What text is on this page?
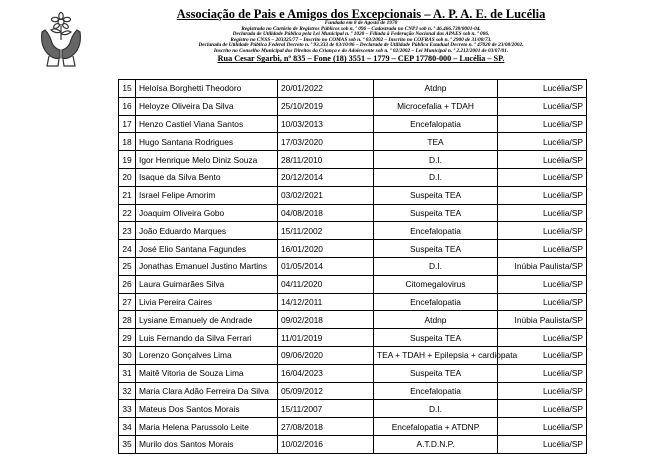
Associação de Pais e Amigos dos Excepcionais – A. P. A. E. de Lucélia
Fundada em 8 de Agosto de 1970
Registrada no Cartório de Registros Públicos sob n. º 096 – Cadastrada no CNPJ sob n. º 46.466.738/0001-04.
Declarada de Utilidade Pública pela Lei Municipal n. º 1020 – Filiada à Federação Nacional das APAES sob n. º 086.
Registro no CNSS – 203325/77 – Inscrito no COMAS sob n. º 03/2002 – Inscrito no COFRAS sob n. º 2900 de 31/08/73.
Declarada de Utilidade Pública Federal Decreto n. º 93.333 de 03/10/86 – Declarada de Utilidade Pública Estadual Decreto n. º 47020 de 23/08/2002.
Inscrito no Conselho Municipal dos Direitos da Criança e do Adolescente sob n. º 02/2002 – Lei Municipal n. º 2.212/2001 de 03/07/01.
Rua Cesar Sgarbi, nº 835 – Fone (18) 3551 – 1779 – CEP 17780-000 – Lucélia – SP.
15	Heloísa Borghetti Theodoro	20/01/2022	Atdnp	Lucélia/SP
16	Heloyze Oliveira Da Silva	25/10/2019	Microcefalia + TDAH	Lucélia/SP
17	Henzo Castiel Viana Santos	10/03/2013	Encefalopatia	Lucélia/SP
18	Hugo Santana Rodrigues	17/03/2020	TEA	Lucélia/SP
19	Igor Henrique Melo Diniz Souza	28/11/2010	D.I.	Lucélia/SP
20	Isaque da Silva Bento	20/12/2014	D.I.	Lucélia/SP
21	Israel Felipe Amorim	03/02/2021	Suspeita TEA	Lucélia/SP
22	Joaquim Oliveira Gobo	04/08/2018	Suspeita TEA	Lucélia/SP
23	João Eduardo Marques	15/11/2002	Encefalopatia	Lucélia/SP
24	José Elio Santana Fagundes	16/01/2020	Suspeita TEA	Lucélia/SP
25	Jonathas Emanuel Justino Martins	01/05/2014	D.I.	Inúbia Paulista/SP
26	Laura Guimarães Silva	04/11/2020	Citomegalovirus	Lucélia/SP
27	Livia Pereira Caires	14/12/2011	Encefalopatia	Lucélia/SP
28	Lysiane Emanuely de Andrade	09/02/2018	Atdnp	Inúbia Paulista/SP
29	Luis Fernando da Silva Ferrari	11/01/2019	Suspeita TEA	Lucélia/SP
30	Lorenzo Gonçalves Lima	09/06/2020	TEA + TDAH + Epilepsia + cardiopata	Lucélia/SP
31	Maitê Vitoria de Souza Lima	16/04/2023	Suspeita TEA	Lucélia/SP
32	Maria Clara Adão Ferreira Da Silva	05/09/2012	Encefalopatia	Lucélia/SP
33	Mateus Dos Santos Morais	15/11/2007	D.I.	Lucélia/SP
34	Maria Helena Parussolo Leite	27/08/2018	Encefalopatia + ATDNP	Lucélia/SP
35	Murilo dos Santos Morais	10/02/2016	A.T.D.N.P.	Lucélia/SP
